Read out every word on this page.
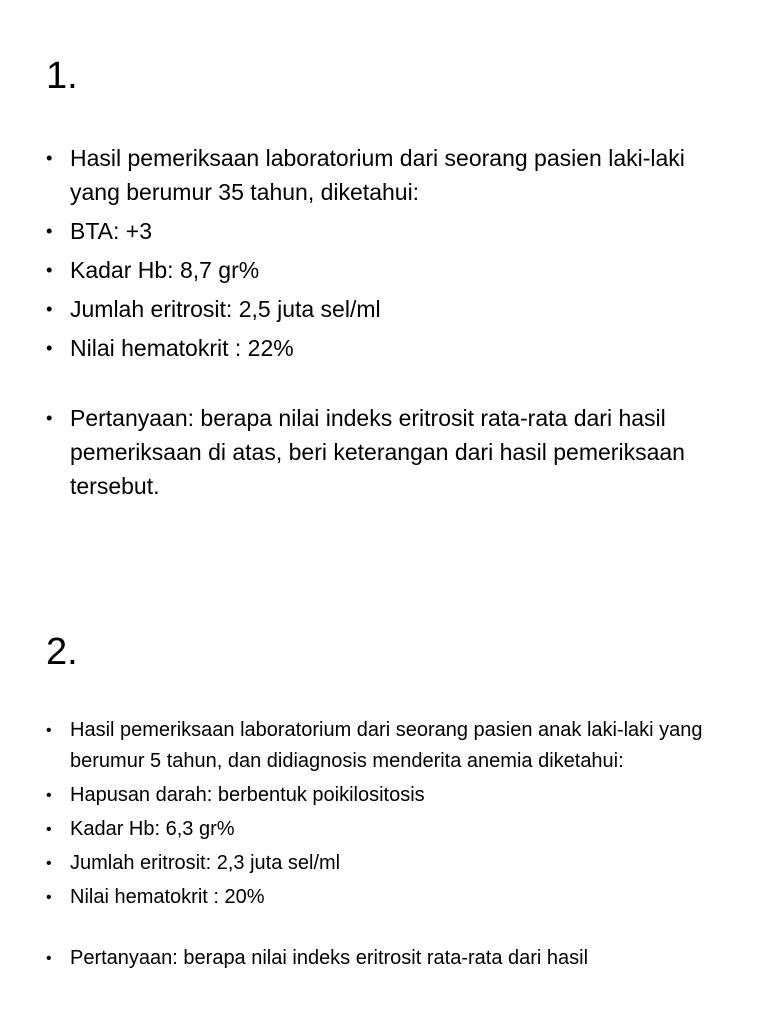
1.
• Hasil pemeriksaan laboratorium dari seorang pasien laki-laki yang berumur 35 tahun, diketahui:
• BTA: +3
• Kadar Hb: 8,7 gr%
• Jumlah eritrosit: 2,5 juta sel/ml
• Nilai hematokrit : 22%
• Pertanyaan: berapa nilai indeks eritrosit rata-rata dari hasil pemeriksaan di atas, beri keterangan dari hasil pemeriksaan tersebut.
2.
• Hasil pemeriksaan laboratorium dari seorang pasien anak laki-laki yang berumur 5 tahun, dan didiagnosis menderita anemia diketahui:
• Hapusan darah: berbentuk poikilositosis
• Kadar Hb: 6,3 gr%
• Jumlah eritrosit: 2,3 juta sel/ml
• Nilai hematokrit : 20%
• Pertanyaan: berapa nilai indeks eritrosit rata-rata dari hasil
